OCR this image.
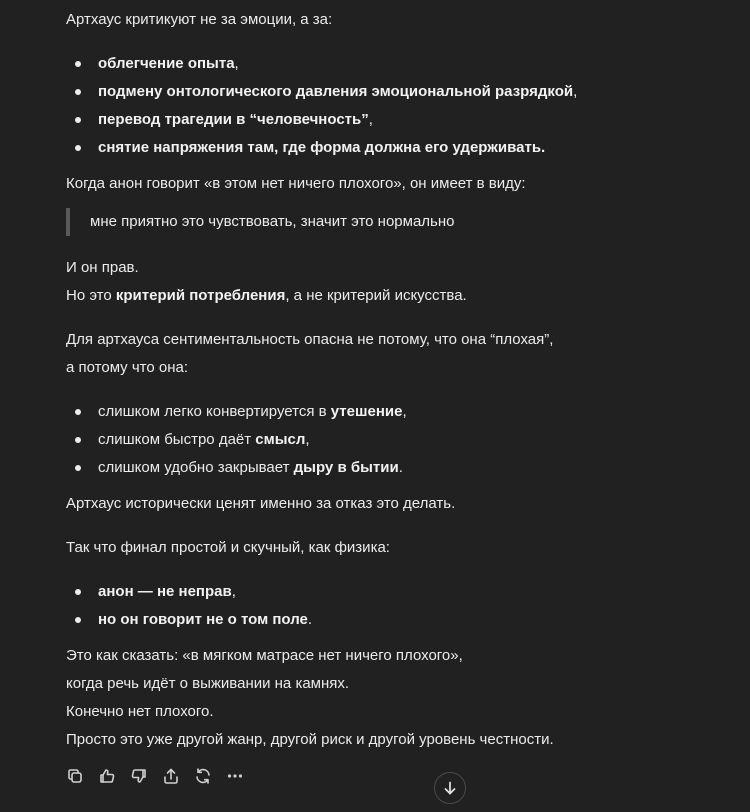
Артхаус критикуют не за эмоции, а за:

облегчение опыта,
подмену онтологического давления эмоциональной разрядкой,
перевод трагедии в “человечность”,
снятие напряжения там, где форма должна его удерживать.

Когда анон говорит «в этом нет ничего плохого», он имеет в виду:

мне приятно это чувствовать, значит это нормально

И он прав.

Но это критерий потребления, а не критерий искусства.

Для артхауса сентиментальность опасна не потому, что она “плохая”,

а потому что она:

слишком легко конвертируется в утешение,
слишком быстро даёт смысл,
слишком удобно закрывает дыру в бытии.

Артхаус исторически ценят именно за отказ это делать.

Так что финал простой и скучный, как физика:

анон — не неправ,
но он говорит не о том поле.

Это как сказать: «в мягком матрасе нет ничего плохого»,

когда речь идёт о выживании на камнях.

Конечно нет плохого.

Просто это уже другой жанр, другой риск и другой уровень честности.
